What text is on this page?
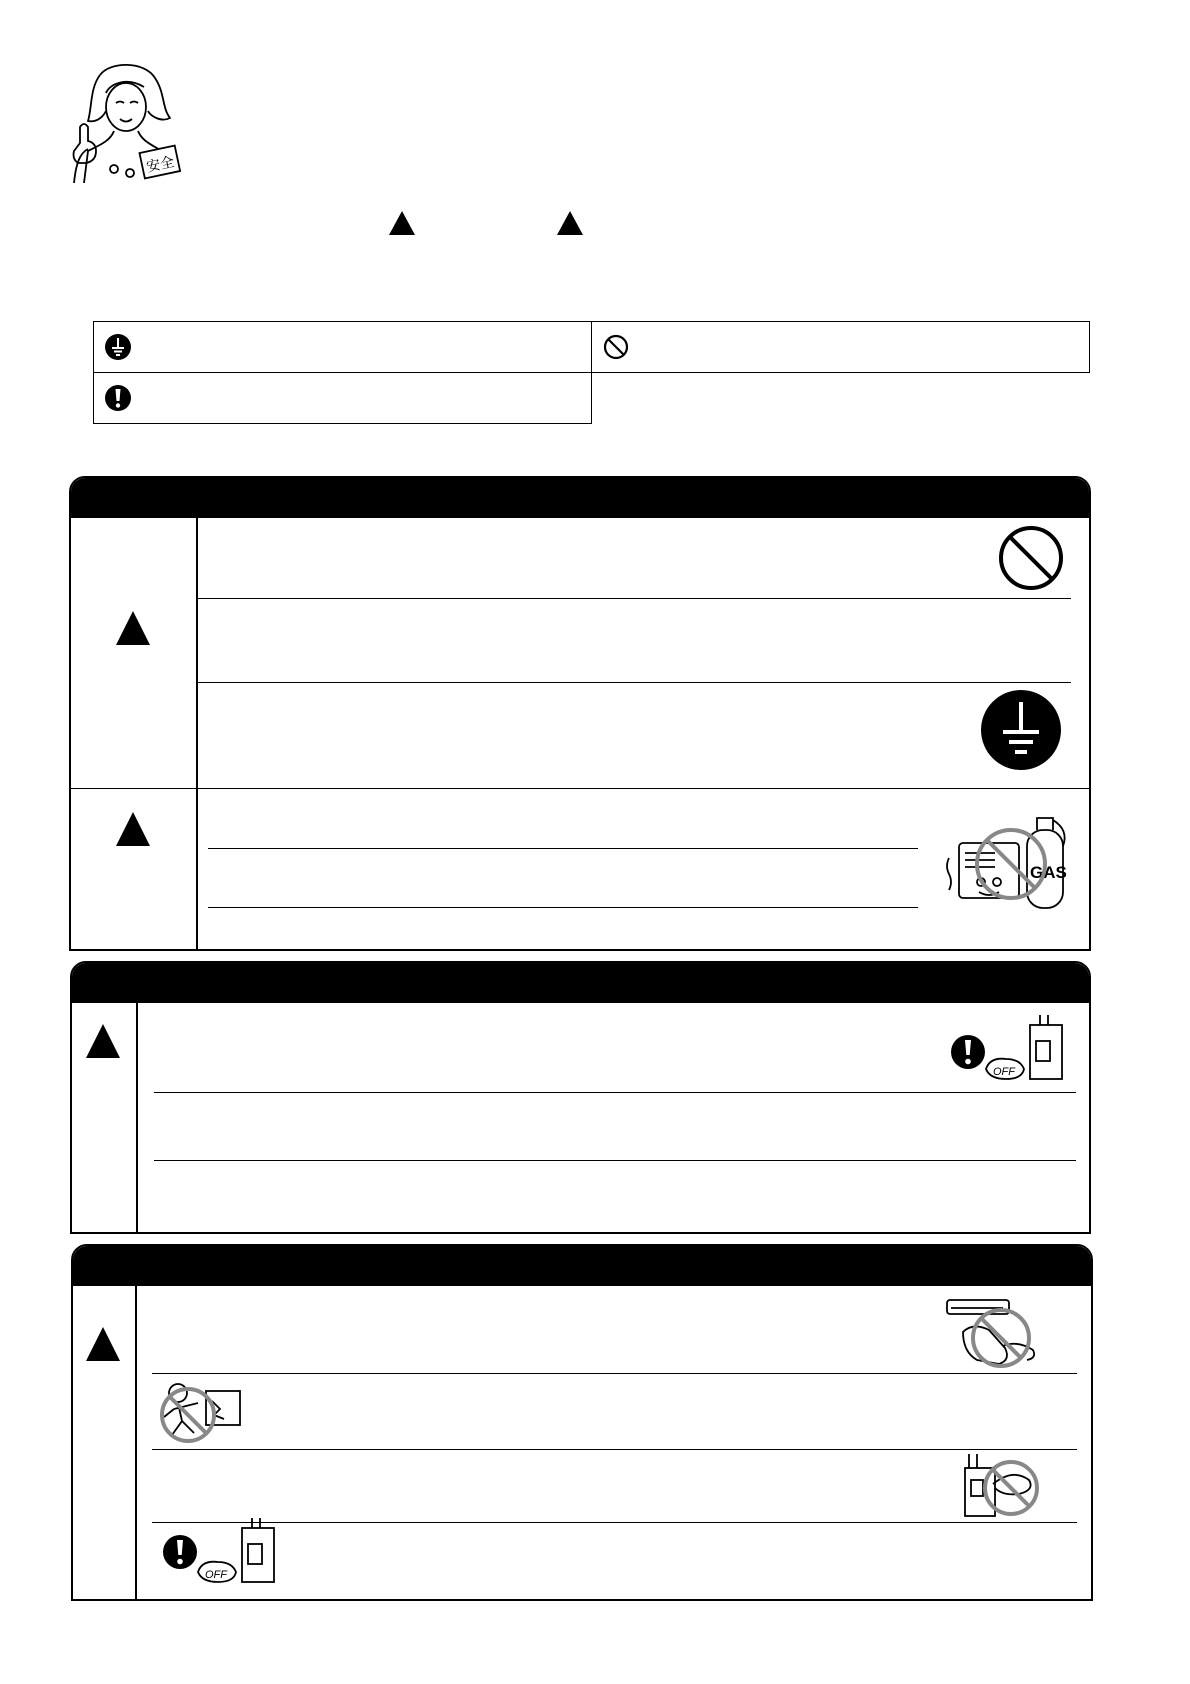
安全

GAS
OFF
OFF
